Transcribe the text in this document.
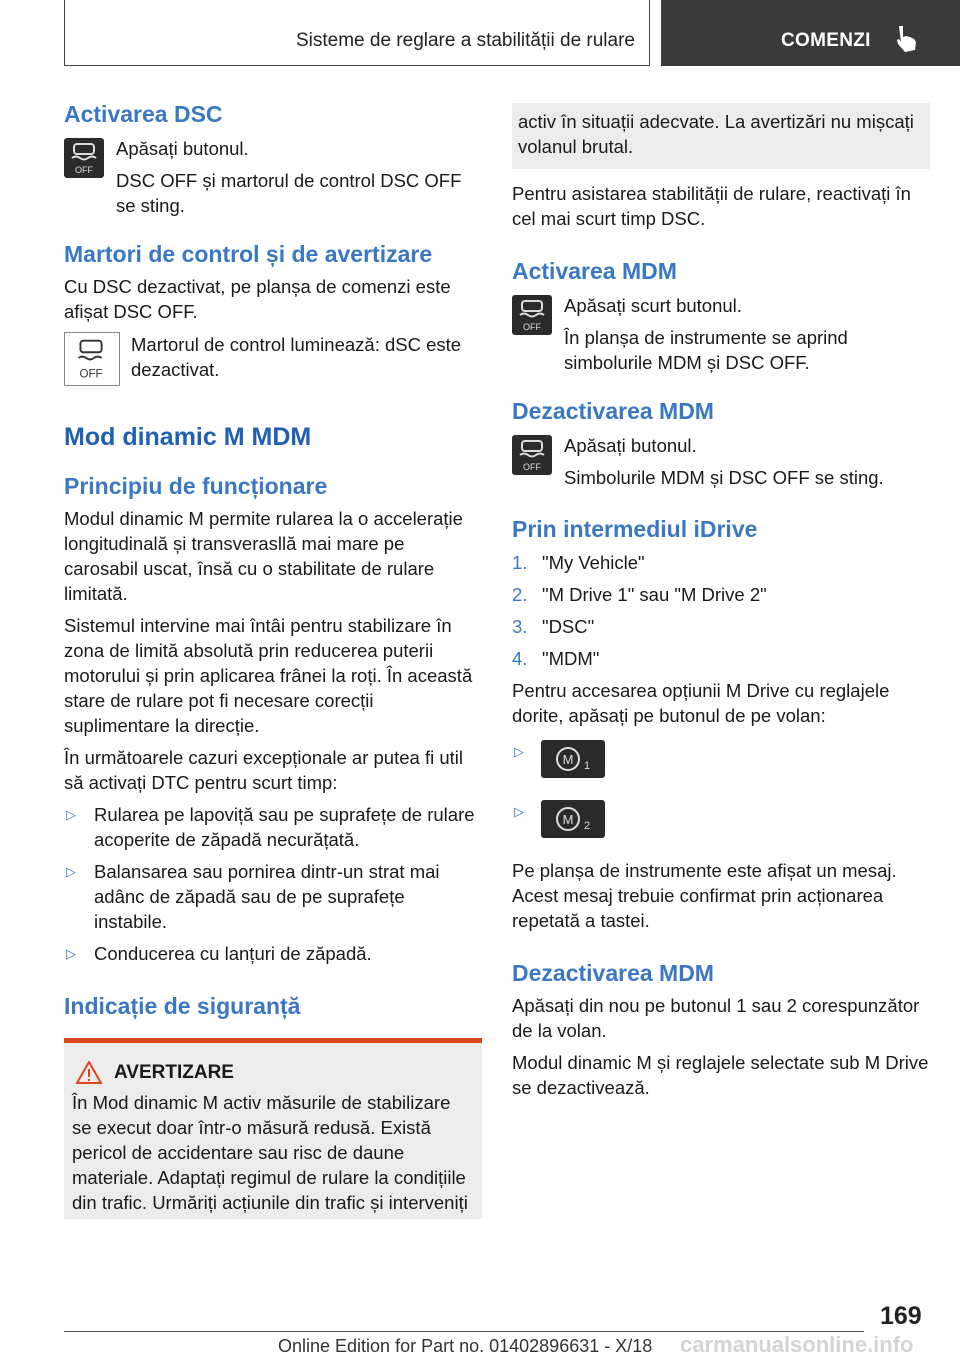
Sisteme de reglare a stabilității de rulare	COMENZI
Activarea DSC
OFF

Apăsați butonul.

DSC OFF și martorul de control DSC OFF se sting.

Martori de control și de avertizare

Cu DSC dezactivat, pe planșa de comenzi este afișat DSC OFF.

OFF

Martorul de control luminează: dSC este dezactivat.

Mod dinamic M MDM
Principiu de funcționare

Modul dinamic M permite rularea la o accelerație longitudinală și transverasllă mai mare pe carosabil uscat, însă cu o stabilitate de rulare limitată.

Sistemul intervine mai întâi pentru stabilizare în zona de limită absolută prin reducerea puterii motorului și prin aplicarea frânei la roți. În această stare de rulare pot fi necesare corecții suplimentare la direcție.

În următoarele cazuri excepționale ar putea fi util să activați DTC pentru scurt timp:

▷ Rularea pe lapoviță sau pe suprafețe de rulare acoperite de zăpadă necurățată.
▷ Balansarea sau pornirea dintr-un strat mai adânc de zăpadă sau de pe suprafețe instabile.
▷ Conducerea cu lanțuri de zăpadă.
Indicație de siguranță
AVERTIZARE

În Mod dinamic M activ măsurile de stabilizare se execut doar într-o măsură redusă. Există pericol de accidentare sau risc de daune materiale. Adaptați regimul de rulare la condițiile din trafic. Urmăriți acțiunile din trafic și interveniți

activ în situații adecvate. La avertizări nu mișcați volanul brutal.

Pentru asistarea stabilității de rulare, reactivați în cel mai scurt timp DSC.

Activarea MDM
OFF

Apăsați scurt butonul.

În planșa de instrumente se aprind simbolurile MDM și DSC OFF.

Dezactivarea MDM
OFF

Apăsați butonul.

Simbolurile MDM și DSC OFF se sting.

Prin intermediul iDrive
1. "My Vehicle"
2. "M Drive 1" sau "M Drive 2"
3. "DSC"
4. "MDM"

Pentru accesarea opțiunii M Drive cu reglajele dorite, apăsați pe butonul de pe volan:

▷
M 1
▷
M 2

Pe planșa de instrumente este afișat un mesaj. Acest mesaj trebuie confirmat prin acționarea repetată a tastei.

Dezactivarea MDM

Apăsați din nou pe butonul 1 sau 2 corespunzător de la volan.

Modul dinamic M și reglajele selectate sub M Drive se dezactivează.

169
Online Edition for Part no. 01402896631 - X/18 carmanualsonline.info
